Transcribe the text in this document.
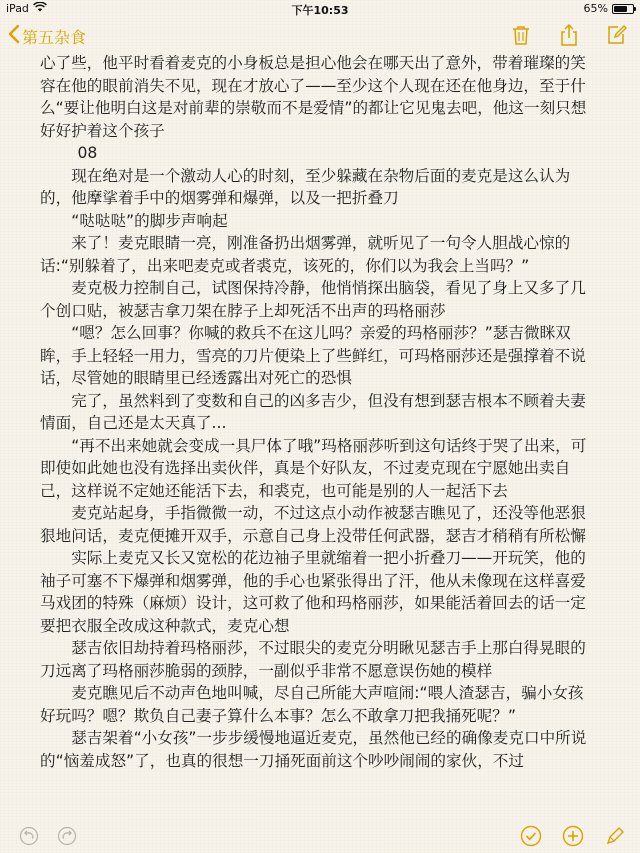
iPad	下午10:53	65%
第五杂食

心了些，他平时看着麦克的小身板总是担心他会在哪天出了意外，带着璀璨的笑容在他的眼前消失不见，现在才放心了——至少这个人现在还在他身边，至于什么“要让他明白这是对前辈的崇敬而不是爱情”的都让它见鬼去吧，他这一刻只想好好护着这个孩子

08

现在绝对是一个激动人心的时刻，至少躲藏在杂物后面的麦克是这么认为的，他摩挲着手中的烟雾弹和爆弹，以及一把折叠刀

“哒哒哒”的脚步声响起

来了！麦克眼睛一亮，刚准备扔出烟雾弹，就听见了一句令人胆战心惊的话:“别躲着了，出来吧麦克或者裘克，该死的，你们以为我会上当吗？”

麦克极力控制自己，试图保持冷静，他悄悄探出脑袋，看见了身上又多了几个创口贴，被瑟吉拿刀架在脖子上却死活不出声的玛格丽莎

“嗯？怎么回事？你喊的救兵不在这儿吗？亲爱的玛格丽莎？”瑟吉微眯双眸，手上轻轻一用力，雪亮的刀片便染上了些鲜红，可玛格丽莎还是强撑着不说话，尽管她的眼睛里已经透露出对死亡的恐惧

完了，虽然料到了变数和自己的凶多吉少，但没有想到瑟吉根本不顾着夫妻情面，自己还是太天真了...

“再不出来她就会变成一具尸体了哦”玛格丽莎听到这句话终于哭了出来，可即使如此她也没有选择出卖伙伴，真是个好队友，不过麦克现在宁愿她出卖自己，这样说不定她还能活下去，和裘克，也可能是别的人一起活下去

麦克站起身，手指微微一动，不过这点小动作被瑟吉瞧见了，还没等他恶狠狠地问话，麦克便摊开双手，示意自己身上没带任何武器，瑟吉才稍稍有所松懈

实际上麦克又长又宽松的花边袖子里就缩着一把小折叠刀——开玩笑，他的袖子可塞不下爆弹和烟雾弹，他的手心也紧张得出了汗，他从未像现在这样喜爱马戏团的特殊（麻烦）设计，这可救了他和玛格丽莎，如果能活着回去的话一定要把衣服全改成这种款式，麦克心想

瑟吉依旧劫持着玛格丽莎，不过眼尖的麦克分明瞅见瑟吉手上那白得晃眼的刀远离了玛格丽莎脆弱的颈脖，一副似乎非常不愿意误伤她的模样

麦克瞧见后不动声色地叫喊，尽自己所能大声喧闹:“喂人渣瑟吉，骗小女孩好玩吗？嗯？欺负自己妻子算什么本事？怎么不敢拿刀把我捅死呢？”

瑟吉架着“小女孩”一步步缓慢地逼近麦克，虽然他已经的确像麦克口中所说的“恼羞成怒”了，也真的很想一刀捅死面前这个吵吵闹闹的家伙，不过
